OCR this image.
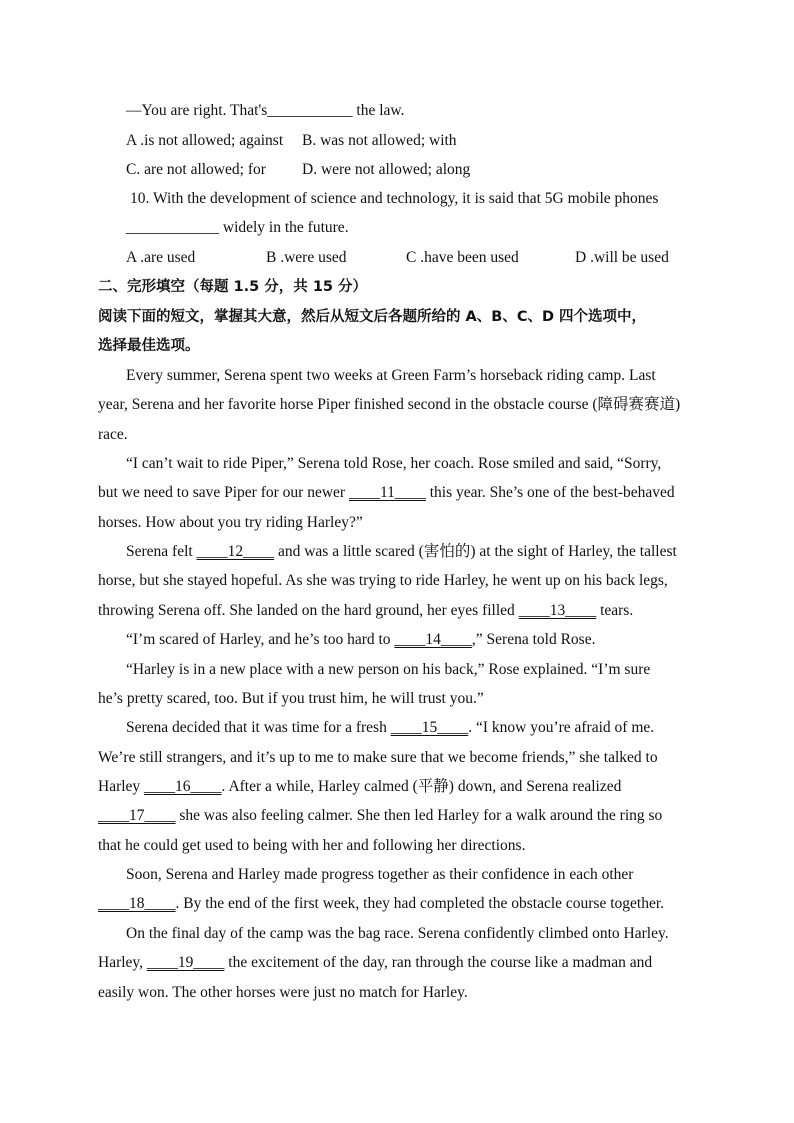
—You are right. That's___________ the law.
A .is not allowed; against B. was not allowed; with
C. are not allowed; for D. were not allowed; along
10. With the development of science and technology, it is said that 5G mobile phones
____________ widely in the future.
A .are used	B .were used	C .have been used	D .will be used
二、完形填空（每题 1.5 分，共 15 分）
阅读下面的短文，掌握其大意，然后从短文后各题所给的 A、B、C、D 四个选项中，
选择最佳选项。
Every summer, Serena spent two weeks at Green Farm’s horseback riding camp. Last
year, Serena and her favorite horse Piper finished second in the obstacle course (障碍赛赛道)
race.
“I can’t wait to ride Piper,” Serena told Rose, her coach. Rose smiled and said, “Sorry,
but we need to save Piper for our newer ____11____ this year. She’s one of the best-behaved
horses. How about you try riding Harley?”
Serena felt ____12____ and was a little scared (害怕的) at the sight of Harley, the tallest
horse, but she stayed hopeful. As she was trying to ride Harley, he went up on his back legs,
throwing Serena off. She landed on the hard ground, her eyes filled ____13____ tears.
“I’m scared of Harley, and he’s too hard to ____14____,” Serena told Rose.
“Harley is in a new place with a new person on his back,” Rose explained. “I’m sure
he’s pretty scared, too. But if you trust him, he will trust you.”
Serena decided that it was time for a fresh ____15____. “I know you’re afraid of me.
We’re still strangers, and it’s up to me to make sure that we become friends,” she talked to
Harley ____16____. After a while, Harley calmed (平静) down, and Serena realized
____17____ she was also feeling calmer. She then led Harley for a walk around the ring so
that he could get used to being with her and following her directions.
Soon, Serena and Harley made progress together as their confidence in each other
____18____. By the end of the first week, they had completed the obstacle course together.
On the final day of the camp was the bag race. Serena confidently climbed onto Harley.
Harley, ____19____ the excitement of the day, ran through the course like a madman and
easily won. The other horses were just no match for Harley.
